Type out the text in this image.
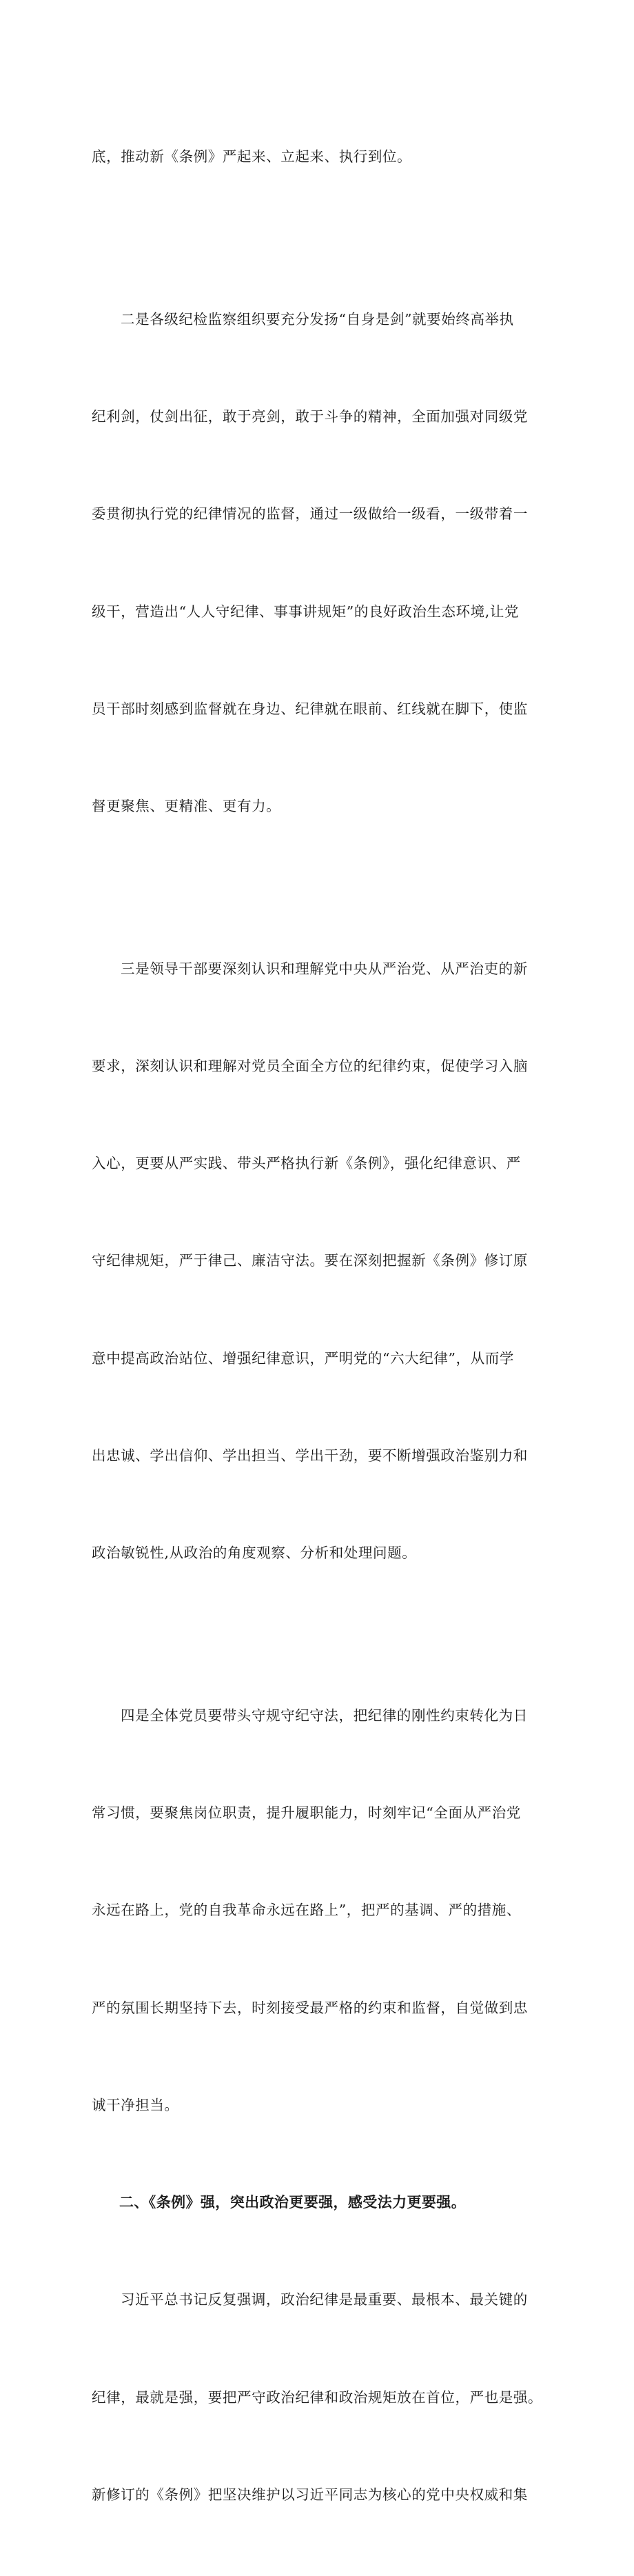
底，推动新《条例》严起来、立起来、执行到位。

二是各级纪检监察组织要充分发扬“自身是剑”就要始终高举执

纪利剑，仗剑出征，敢于亮剑，敢于斗争的精神，全面加强对同级党

委贯彻执行党的纪律情况的监督，通过一级做给一级看，一级带着一

级干，营造出“人人守纪律、事事讲规矩”的良好政治生态环境,让党

员干部时刻感到监督就在身边、纪律就在眼前、红线就在脚下，使监

督更聚焦、更精准、更有力。

三是领导干部要深刻认识和理解党中央从严治党、从严治吏的新

要求，深刻认识和理解对党员全面全方位的纪律约束，促使学习入脑

入心，更要从严实践、带头严格执行新《条例》，强化纪律意识、严

守纪律规矩，严于律己、廉洁守法。要在深刻把握新《条例》修订原

意中提高政治站位、增强纪律意识，严明党的“六大纪律”，从而学

出忠诚、学出信仰、学出担当、学出干劲，要不断增强政治鉴别力和

政治敏锐性,从政治的角度观察、分析和处理问题。

四是全体党员要带头守规守纪守法，把纪律的刚性约束转化为日

常习惯，要聚焦岗位职责，提升履职能力，时刻牢记“全面从严治党

永远在路上，党的自我革命永远在路上”，把严的基调、严的措施、

严的氛围长期坚持下去，时刻接受最严格的约束和监督，自觉做到忠

诚干净担当。

二、《条例》强，突出政治更要强，感受法力更要强。

习近平总书记反复强调，政治纪律是最重要、最根本、最关键的

纪律，最就是强，要把严守政治纪律和政治规矩放在首位，严也是强。

新修订的《条例》把坚决维护以习近平同志为核心的党中央权威和集
